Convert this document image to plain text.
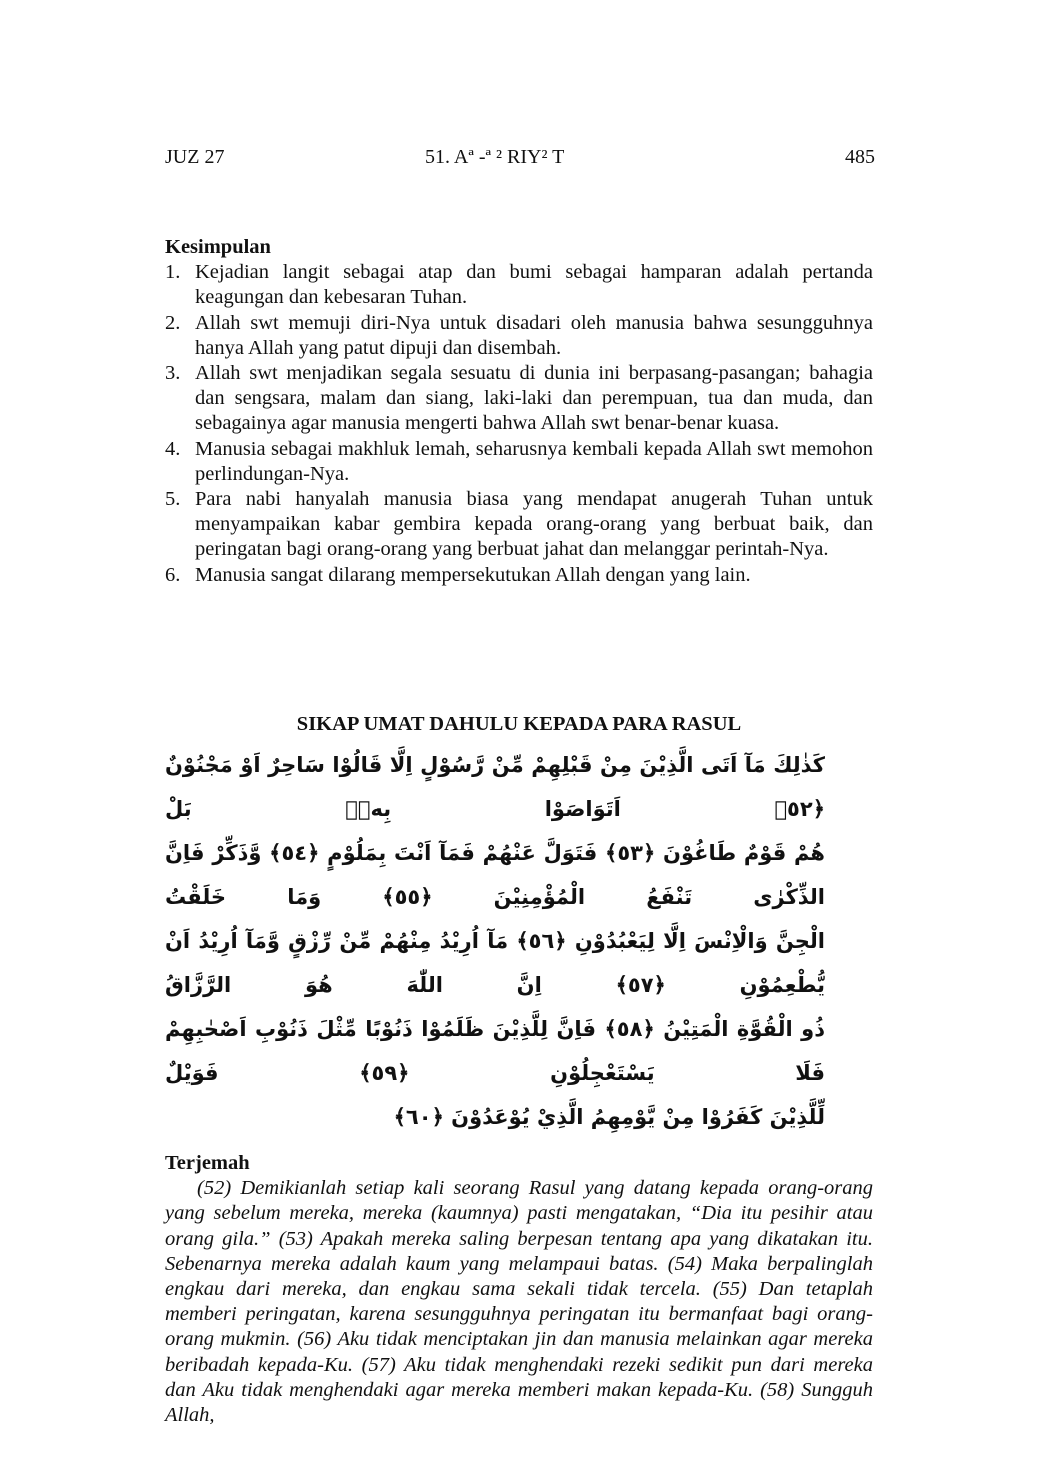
JUZ 27	51. Aª -ª ² RIY² T	485
Kesimpulan
1. Kejadian langit sebagai atap dan bumi sebagai hamparan adalah pertanda keagungan dan kebesaran Tuhan.
2. Allah swt memuji diri-Nya untuk disadari oleh manusia bahwa sesungguhnya hanya Allah yang patut dipuji dan disembah.
3. Allah swt menjadikan segala sesuatu di dunia ini berpasang-pasangan; bahagia dan sengsara, malam dan siang, laki-laki dan perempuan, tua dan muda, dan sebagainya agar manusia mengerti bahwa Allah swt benar-benar kuasa.
4. Manusia sebagai makhluk lemah, seharusnya kembali kepada Allah swt memohon perlindungan-Nya.
5. Para nabi hanyalah manusia biasa yang mendapat anugerah Tuhan untuk menyampaikan kabar gembira kepada orang-orang yang berbuat baik, dan peringatan bagi orang-orang yang berbuat jahat dan melanggar perintah-Nya.
6. Manusia sangat dilarang mempersekutukan Allah dengan yang lain.
SIKAP UMAT DAHULU KEPADA PARA RASUL
كَذٰلِكَ مَآ اَتَى الَّذِيْنَ مِنْ قَبْلِهِمْ مِّنْ رَّسُوْلٍ اِلَّا قَالُوْا سَاحِرٌ اَوْ مَجْنُوْنٌ ﴿٥٢﴾ اَتَوَاصَوْا بِهٖۚ بَلْ
هُمْ قَوْمٌ طَاغُوْنَ ﴿٥٣﴾ فَتَوَلَّ عَنْهُمْ فَمَآ اَنْتَ بِمَلُوْمٍ ﴿٥٤﴾ وَّذَكِّرْ فَاِنَّ الذِّكْرٰى تَنْفَعُ الْمُؤْمِنِيْنَ ﴿٥٥﴾ وَمَا خَلَقْتُ
الْجِنَّ وَالْاِنْسَ اِلَّا لِيَعْبُدُوْنِ ﴿٥٦﴾ مَآ اُرِيْدُ مِنْهُمْ مِّنْ رِّزْقٍ وَّمَآ اُرِيْدُ اَنْ يُّطْعِمُوْنِ ﴿٥٧﴾ اِنَّ اللّٰهَ هُوَ الرَّزَّاقُ
ذُو الْقُوَّةِ الْمَتِيْنُ ﴿٥٨﴾ فَاِنَّ لِلَّذِيْنَ ظَلَمُوْا ذَنُوْبًا مِّثْلَ ذَنُوْبِ اَصْحٰبِهِمْ فَلَا يَسْتَعْجِلُوْنِ ﴿٥٩﴾ فَوَيْلٌ
لِّلَّذِيْنَ كَفَرُوْا مِنْ يَّوْمِهِمُ الَّذِيْ يُوْعَدُوْنَ ﴿٦٠﴾
Terjemah

(52) Demikianlah setiap kali seorang Rasul yang datang kepada orang-orang yang sebelum mereka, mereka (kaumnya) pasti mengatakan, “Dia itu pesihir atau orang gila.” (53) Apakah mereka saling berpesan tentang apa yang dikatakan itu. Sebenarnya mereka adalah kaum yang melampaui batas. (54) Maka berpalinglah engkau dari mereka, dan engkau sama sekali tidak tercela. (55) Dan tetaplah memberi peringatan, karena sesungguhnya peringatan itu bermanfaat bagi orang-orang mukmin. (56) Aku tidak menciptakan jin dan manusia melainkan agar mereka beribadah kepada-Ku. (57) Aku tidak menghendaki rezeki sedikit pun dari mereka dan Aku tidak menghendaki agar mereka memberi makan kepada-Ku. (58) Sungguh Allah,
